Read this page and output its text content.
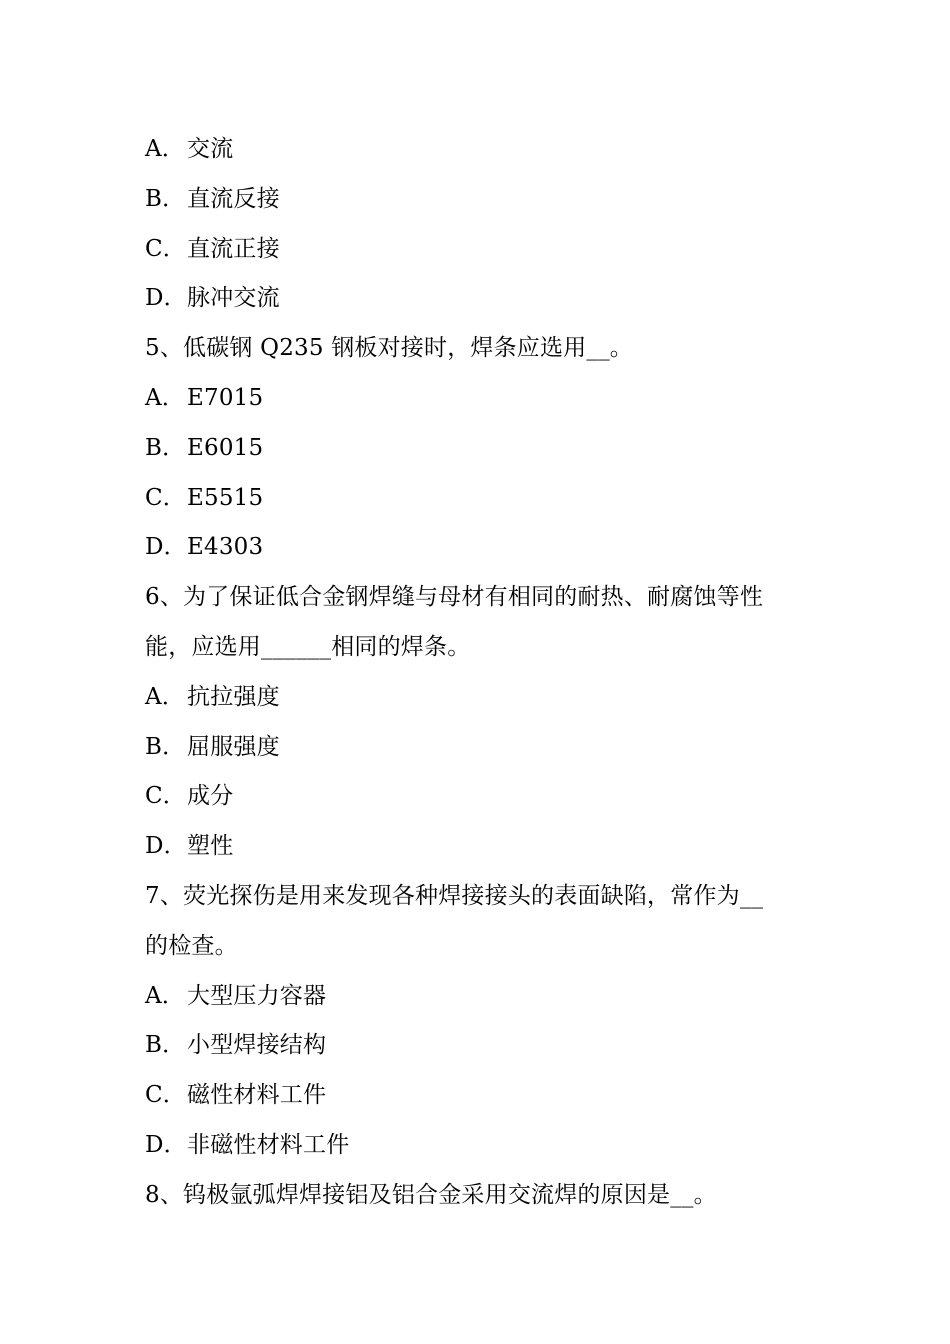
A．交流
B．直流反接
C．直流正接
D．脉冲交流
5、低碳钢 Q235 钢板对接时，焊条应选用__。
A．E7015
B．E6015
C．E5515
D．E4303
6、为了保证低合金钢焊缝与母材有相同的耐热、耐腐蚀等性
能，应选用______相同的焊条。
A．抗拉强度
B．屈服强度
C．成分
D．塑性
7、荧光探伤是用来发现各种焊接接头的表面缺陷，常作为__
的检查。
A．大型压力容器
B．小型焊接结构
C．磁性材料工件
D．非磁性材料工件
8、钨极氩弧焊焊接铝及铝合金采用交流焊的原因是__。
